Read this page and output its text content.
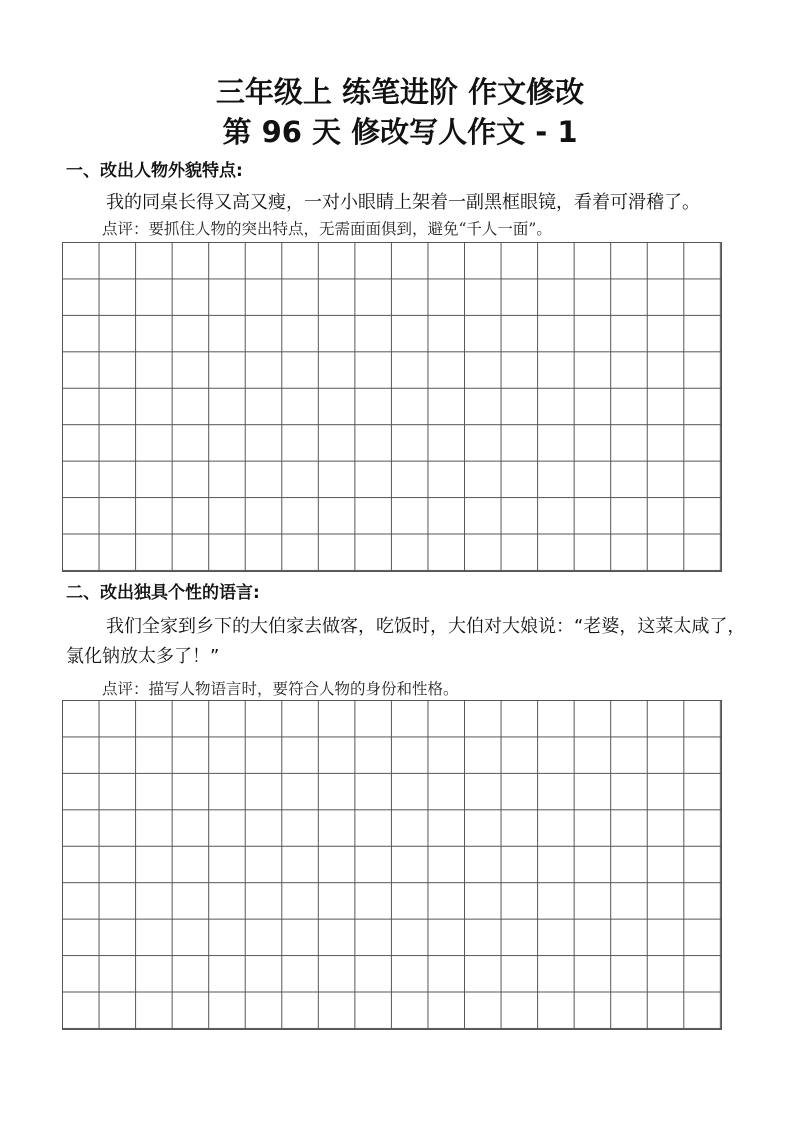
三年级上 练笔进阶 作文修改
第 96 天 修改写人作文 - 1
一、改出人物外貌特点:
我的同桌长得又高又瘦，一对小眼睛上架着一副黑框眼镜，看着可滑稽了。
点评：要抓住人物的突出特点，无需面面俱到，避免“千人一面”。
二、改出独具个性的语言:
我们全家到乡下的大伯家去做客，吃饭时，大伯对大娘说：“老婆，这菜太咸了，氯化钠放太多了！”
点评：描写人物语言时，要符合人物的身份和性格。
